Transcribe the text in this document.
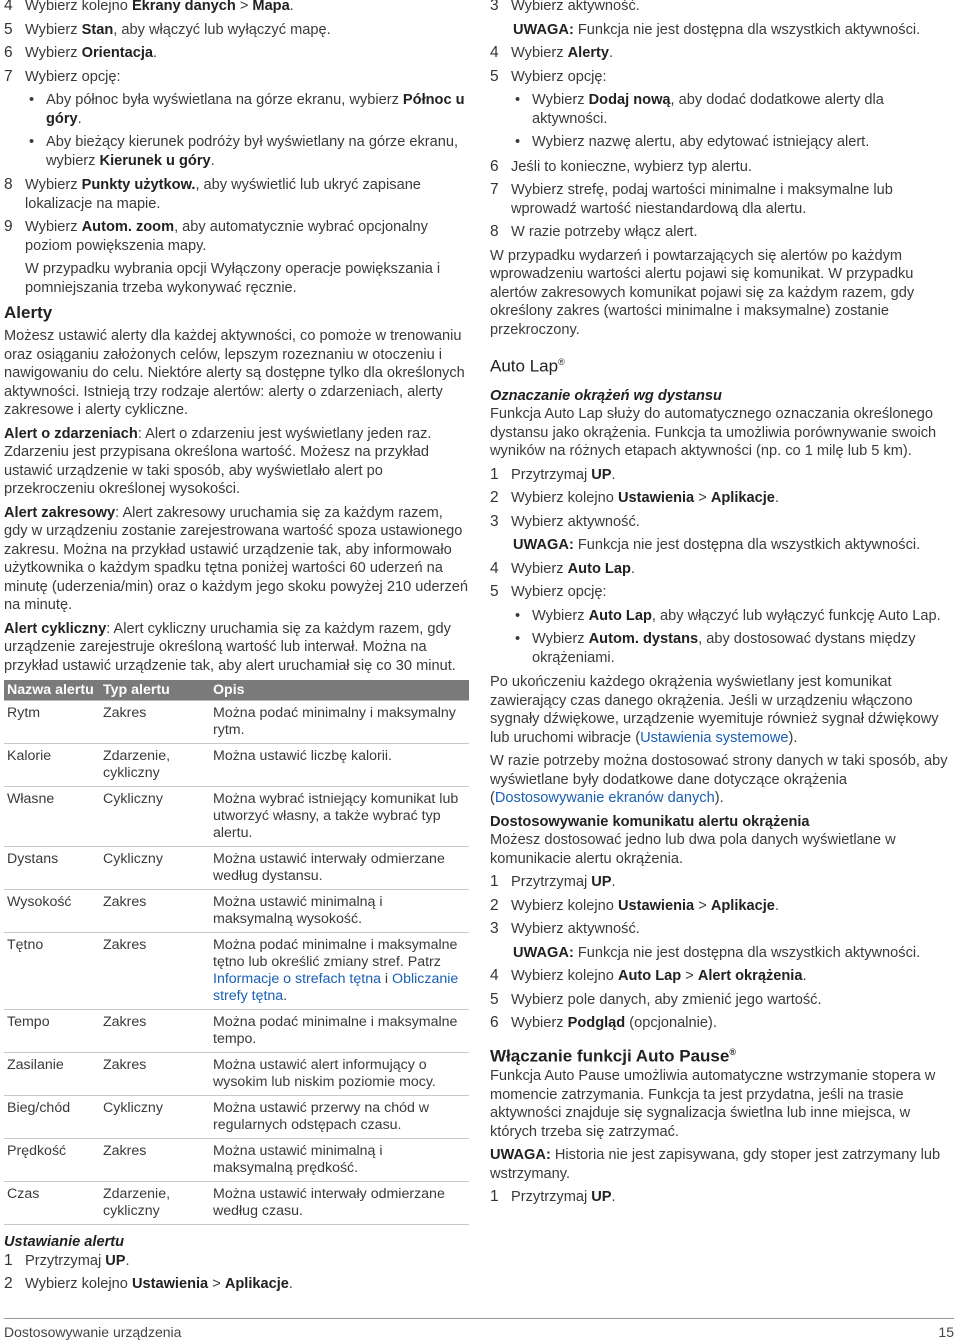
4 Wybierz kolejno Ekrany danych > Mapa.
5 Wybierz Stan, aby włączyć lub wyłączyć mapę.
6 Wybierz Orientacja.
7 Wybierz opcję:
• Aby północ była wyświetlana na górze ekranu, wybierz Północ u góry.
• Aby bieżący kierunek podróży był wyświetlany na górze ekranu, wybierz Kierunek u góry.
8 Wybierz Punkty użytkow., aby wyświetlić lub ukryć zapisane lokalizacje na mapie.
9 Wybierz Autom. zoom, aby automatycznie wybrać opcjonalny poziom powiększenia mapy.

W przypadku wybrania opcji Wyłączony operacje powiększania i pomniejszania trzeba wykonywać ręcznie.

Alerty

Możesz ustawić alerty dla każdej aktywności, co pomoże w trenowaniu oraz osiąganiu założonych celów, lepszym rozeznaniu w otoczeniu i nawigowaniu do celu. Niektóre alerty są dostępne tylko dla określonych aktywności. Istnieją trzy rodzaje alertów: alerty o zdarzeniach, alerty zakresowe i alerty cykliczne.

Alert o zdarzeniach: Alert o zdarzeniu jest wyświetlany jeden raz. Zdarzeniu jest przypisana określona wartość. Możesz na przykład ustawić urządzenie w taki sposób, aby wyświetlało alert po przekroczeniu określonej wysokości.

Alert zakresowy: Alert zakresowy uruchamia się za każdym razem, gdy w urządzeniu zostanie zarejestrowana wartość spoza ustawionego zakresu. Można na przykład ustawić urządzenie tak, aby informowało użytkownika o każdym spadku tętna poniżej wartości 60 uderzeń na minutę (uderzenia/min) oraz o każdym jego skoku powyżej 210 uderzeń na minutę.

Alert cykliczny: Alert cykliczny uruchamia się za każdym razem, gdy urządzenie zarejestruje określoną wartość lub interwał. Można na przykład ustawić urządzenie tak, aby alert uruchamiał się co 30 minut.

Nazwa alertu	Typ alertu	Opis
Rytm	Zakres	Można podać minimalny i maksymalny rytm.
Kalorie	Zdarzenie, cykliczny	Można ustawić liczbę kalorii.
Własne	Cykliczny	Można wybrać istniejący komunikat lub utworzyć własny, a także wybrać typ alertu.
Dystans	Cykliczny	Można ustawić interwały odmierzane według dystansu.
Wysokość	Zakres	Można ustawić minimalną i maksymalną wysokość.
Tętno	Zakres	Można podać minimalne i maksymalne tętno lub określić zmiany stref. Patrz Informacje o strefach tętna i Obliczanie strefy tętna.
Tempo	Zakres	Można podać minimalne i maksymalne tempo.
Zasilanie	Zakres	Można ustawić alert informujący o wysokim lub niskim poziomie mocy.
Bieg/chód	Cykliczny	Można ustawić przerwy na chód w regularnych odstępach czasu.
Prędkość	Zakres	Można ustawić minimalną i maksymalną prędkość.
Czas	Zdarzenie, cykliczny	Można ustawić interwały odmierzane według czasu.
Ustawianie alertu
1 Przytrzymaj UP.
2 Wybierz kolejno Ustawienia > Aplikacje.
3 Wybierz aktywność.

UWAGA: Funkcja nie jest dostępna dla wszystkich aktywności.

4 Wybierz Alerty.
5 Wybierz opcję:
• Wybierz Dodaj nową, aby dodać dodatkowe alerty dla aktywności.
• Wybierz nazwę alertu, aby edytować istniejący alert.
6 Jeśli to konieczne, wybierz typ alertu.
7 Wybierz strefę, podaj wartości minimalne i maksymalne lub wprowadź wartość niestandardową dla alertu.
8 W razie potrzeby włącz alert.

W przypadku wydarzeń i powtarzających się alertów po każdym wprowadzeniu wartości alertu pojawi się komunikat. W przypadku alertów zakresowych komunikat pojawi się za każdym razem, gdy określony zakres (wartości minimalne i maksymalne) zostanie przekroczony.

Auto Lap®
Oznaczanie okrążeń wg dystansu

Funkcja Auto Lap służy do automatycznego oznaczania określonego dystansu jako okrążenia. Funkcja ta umożliwia porównywanie swoich wyników na różnych etapach aktywności (np. co 1 milę lub 5 km).

1 Przytrzymaj UP.
2 Wybierz kolejno Ustawienia > Aplikacje.
3 Wybierz aktywność.

UWAGA: Funkcja nie jest dostępna dla wszystkich aktywności.

4 Wybierz Auto Lap.
5 Wybierz opcję:
• Wybierz Auto Lap, aby włączyć lub wyłączyć funkcję Auto Lap.
• Wybierz Autom. dystans, aby dostosować dystans między okrążeniami.

Po ukończeniu każdego okrążenia wyświetlany jest komunikat zawierający czas danego okrążenia. Jeśli w urządzeniu włączono sygnały dźwiękowe, urządzenie wyemituje również sygnał dźwiękowy lub uruchomi wibracje (Ustawienia systemowe).

W razie potrzeby można dostosować strony danych w taki sposób, aby wyświetlane były dodatkowe dane dotyczące okrążenia (Dostosowywanie ekranów danych).

Dostosowywanie komunikatu alertu okrążenia

Możesz dostosować jedno lub dwa pola danych wyświetlane w komunikacie alertu okrążenia.

1 Przytrzymaj UP.
2 Wybierz kolejno Ustawienia > Aplikacje.
3 Wybierz aktywność.

UWAGA: Funkcja nie jest dostępna dla wszystkich aktywności.

4 Wybierz kolejno Auto Lap > Alert okrążenia.
5 Wybierz pole danych, aby zmienić jego wartość.
6 Wybierz Podgląd (opcjonalnie).
Włączanie funkcji Auto Pause®

Funkcja Auto Pause umożliwia automatyczne wstrzymanie stopera w momencie zatrzymania. Funkcja ta jest przydatna, jeśli na trasie aktywności znajduje się sygnalizacja świetlna lub inne miejsca, w których trzeba się zatrzymać.

UWAGA: Historia nie jest zapisywana, gdy stoper jest zatrzymany lub wstrzymany.

1 Przytrzymaj UP.
Dostosowywanie urządzenia	15
